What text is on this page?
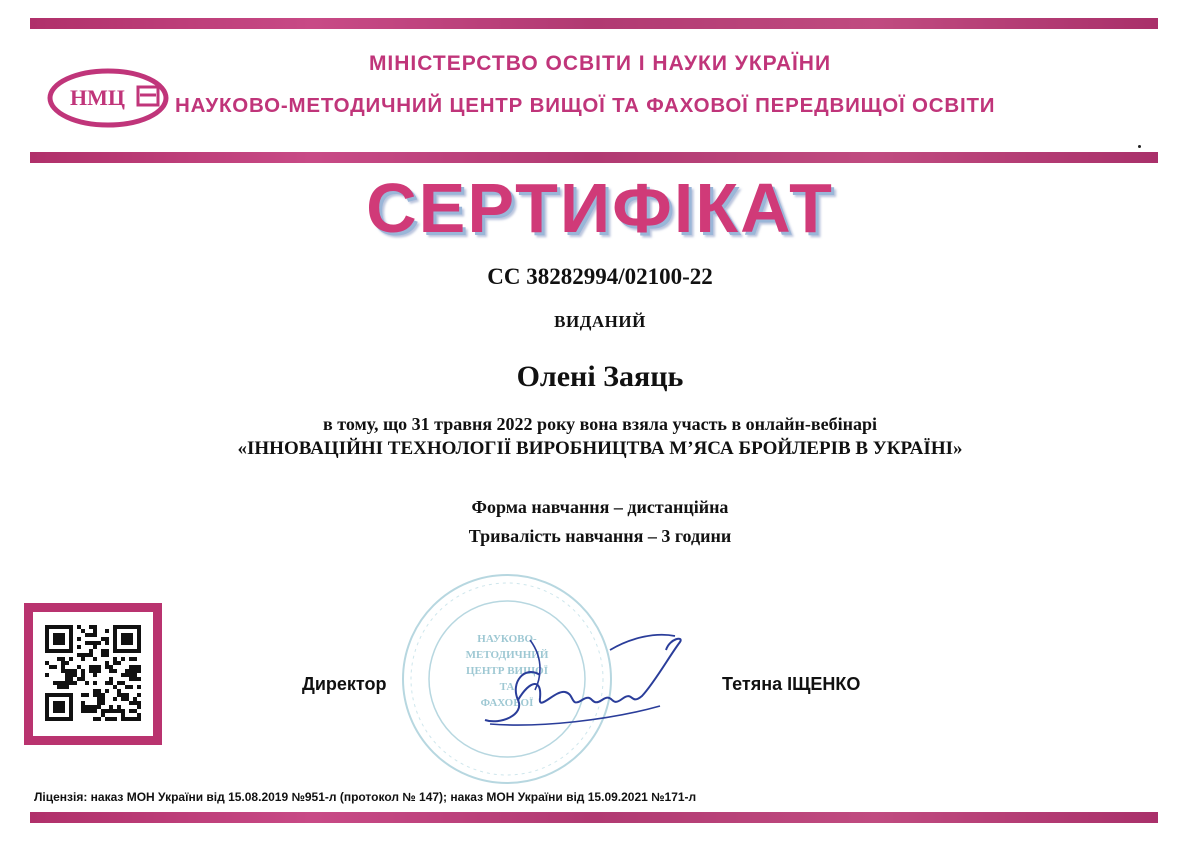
НМЦ
МІНІСТЕРСТВО ОСВІТИ І НАУКИ УКРАЇНИ
НАУКОВО-МЕТОДИЧНИЙ ЦЕНТР ВИЩОЇ ТА ФАХОВОЇ ПЕРЕДВИЩОЇ ОСВІТИ
СЕРТИФІКАТ
СС 38282994/02100-22
ВИДАНИЙ
Олені Заяць
в тому, що 31 травня 2022 року вона взяла участь в онлайн-вебінарі
«ІННОВАЦІЙНІ ТЕХНОЛОГІЇ ВИРОБНИЦТВА М’ЯСА БРОЙЛЕРІВ В УКРАЇНІ»
Форма навчання – дистанційна
Тривалість навчання – 3 години
НАУКОВО-
МЕТОДИЧНИЙ
ЦЕНТР ВИЩОЇ
ТА
ФАХОВОЇ
Директор	Тетяна ІЩЕНКО
Ліцензія: наказ МОН України від 15.08.2019 №951-л (протокол № 147); наказ МОН України від 15.09.2021 №171-л
